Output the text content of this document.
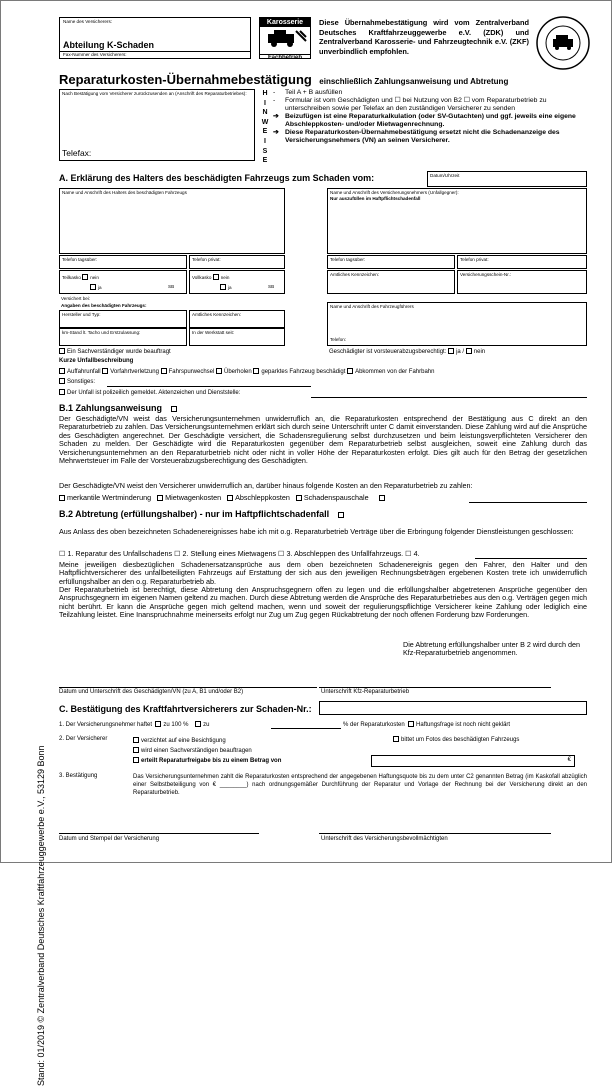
Stand: 01/2019 © Zentralverband Deutsches Kraftfahrzeuggewerbe e.V., 53129 Bonn
Name des Versicherers:
Abteilung K-Schaden
Fax-Nummer des Versicherers:
Karosserie
Fachbetrieb
Diese Übernahmebestätigung wird vom Zentralverband Deutsches Kraftfahrzeuggewerbe e.V. (ZDK) und Zentralverband Karosserie- und Fahrzeugtechnik e.V. (ZKF) unverbindlich empfohlen.
Reparaturkosten-Übernahmebestätigung einschließlich Zahlungsanweisung und Abtretung
Nach Bestätigung vom Versicherer zurückzusenden an (Anschrift des Reparaturbetriebes):
Telefax:
H
I
N
W
E
I
S
E
-	Teil A + B ausfüllen
-	Formular ist vom Geschädigten und ☐ bei Nutzung von B2 ☐ vom Reparaturbetrieb zu unterschreiben sowie per Telefax an den zuständigen Versicherer zu senden
➔ Beizufügen ist eine Reparaturkalkulation (oder SV-Gutachten) und ggf. jeweils eine eigene Abschleppkosten- und/oder Mietwagenrechnung.
➔ Diese Reparaturkosten-Übernahmebestätigung ersetzt nicht die Schadenanzeige des Versicherungsnehmers (VN) an seinen Versicherer.
A. Erklärung des Halters des beschädigten Fahrzeugs zum Schaden vom:	Datum/Uhrzeit
Name und Anschrift des Halters des beschädigten Fahrzeugs	Name und Anschrift des Versicherungsnehmers (Unfallgegner):
Nur auszufüllen im Haftpflichtschadenfall
Telefon tagsüber:	Telefon privat:	Telefon tagsüber:	Telefon privat:
Teilkasko nein
ja	SB
Vollkasko nein
ja	SB
Amtliches Kennzeichen:	Versicherungsschein-Nr.:
Versichert bei:
Angaben des beschädigten Fahrzeugs:
Hersteller und Typ:	Amtliches Kennzeichen:
km-Stand lt. Tacho und Erstzulassung:	In der Werkstatt seit:
Name und Anschrift des Fahrzeugführers
Telefon:
Ein Sachverständiger wurde beauftragt	Geschädigter ist vorsteuerabzugsberechtigt: ja / nein
Kurze Unfallbeschreibung
Auffahrunfall Vorfahrtverletzung Fahrspurwechsel Überholen geparktes Fahrzeug beschädigt Abkommen von der Fahrbahn
Sonstiges:
Der Unfall ist polizeilich gemeldet. Aktenzeichen und Dienststelle:
B.1 Zahlungsanweisung
Der Geschädigte/VN weist das Versicherungsunternehmen unwiderruflich an, die Reparaturkosten entsprechend der Bestätigung aus C direkt an den Reparaturbetrieb zu zahlen. Das Versicherungsunternehmen erklärt sich durch seine Unterschrift unter C damit einverstanden. Diese Zahlung wird auf die Ansprüche des Geschädigten angerechnet. Der Geschädigte versichert, die Schadensregulierung selbst durchzusetzen und beim leistungsverpflichteten Versicherer den Schaden zu melden. Der Geschädigte wird die Reparaturkosten gegenüber dem Reparaturbetrieb selbst ausgleichen, soweit eine Zahlung durch das Versicherungsunternehmen an den Reparaturbetrieb nicht oder nicht in voller Höhe der Reparaturkosten erfolgt. Dies gilt auch für den Betrag der gesetzlichen Mehrwertsteuer im Falle der Vorsteuerabzugsberechtigung des Geschädigten.
Der Geschädigte/VN weist den Versicherer unwiderruflich an, darüber hinaus folgende Kosten an den Reparaturbetrieb zu zahlen:
merkantile Wertminderung Mietwagenkosten Abschleppkosten Schadenspauschale
B.2 Abtretung (erfüllungshalber) - nur im Haftpflichtschadenfall
Aus Anlass des oben bezeichneten Schadenereignisses habe ich mit o.g. Reparaturbetrieb Verträge über die Erbringung folgender Dienstleistungen geschlossen:
☐ 1. Reparatur des Unfallschadens ☐ 2. Stellung eines Mietwagens ☐ 3. Abschleppen des Unfallfahrzeugs. ☐ 4.
Meine jeweiligen diesbezüglichen Schadenersatzansprüche aus dem oben bezeichneten Schadenereignis gegen den Fahrer, den Halter und den Haftpflichtversicherer des unfallbeteiligten Fahrzeugs auf Erstattung der sich aus den jeweiligen Rechnungsbeträgen ergebenen Kosten trete ich unwiderruflich erfüllungshalber an den o.g. Reparaturbetrieb ab.
Der Reparaturbetrieb ist berechtigt, diese Abtretung den Anspruchsgegnern offen zu legen und die erfüllungshalber abgetretenen Ansprüche gegenüber den Anspruchsgegnern im eigenen Namen geltend zu machen. Durch diese Abtretung werden die Ansprüche des Reparaturbetriebes aus den o.g. Verträgen gegen mich nicht berührt. Er kann die Ansprüche gegen mich geltend machen, wenn und soweit der regulierungspflichtige Versicherer keine Zahlung oder lediglich eine Teilzahlung leistet. Eine Inanspruchnahme meinerseits erfolgt nur Zug um Zug gegen Rückabtretung der noch offenen Forderung bzw Forderungen.
Die Abtretung erfüllungshalber unter B 2 wird durch den Kfz-Reparaturbetrieb angenommen.
Datum und Unterschrift des Geschädigten/VN (zu A, B1 und/oder B2)	Unterschrift Kfz-Reparaturbetrieb
C. Bestätigung des Kraftfahrtversicherers zur Schaden-Nr.:
1. Der Versicherungsnehmer haftet zu 100 % zu	% der Reparaturkosten Haftungsfrage ist noch nicht geklärt
2. Der Versicherer	verzichtet auf eine Besichtigung
wird einen Sachverständigen beauftragen
erteilt Reparaturfreigabe bis zu einem Betrag von
bittet um Fotos des beschädigten Fahrzeugs
€
3. Bestätigung	Das Versicherungsunternehmen zahlt die Reparaturkosten entsprechend der angegebenen Haftungsquote bis zu dem unter C2 genannten Betrag (im Kaskofall abzüglich einer Selbstbeteiligung von € ________) nach ordnungsgemäßer Durchführung der Reparatur und Vorlage der Rechnung bei der Versicherung direkt an den Reparaturbetrieb.
Datum und Stempel der Versicherung	Unterschrift des Versicherungsbevollmächtigten
